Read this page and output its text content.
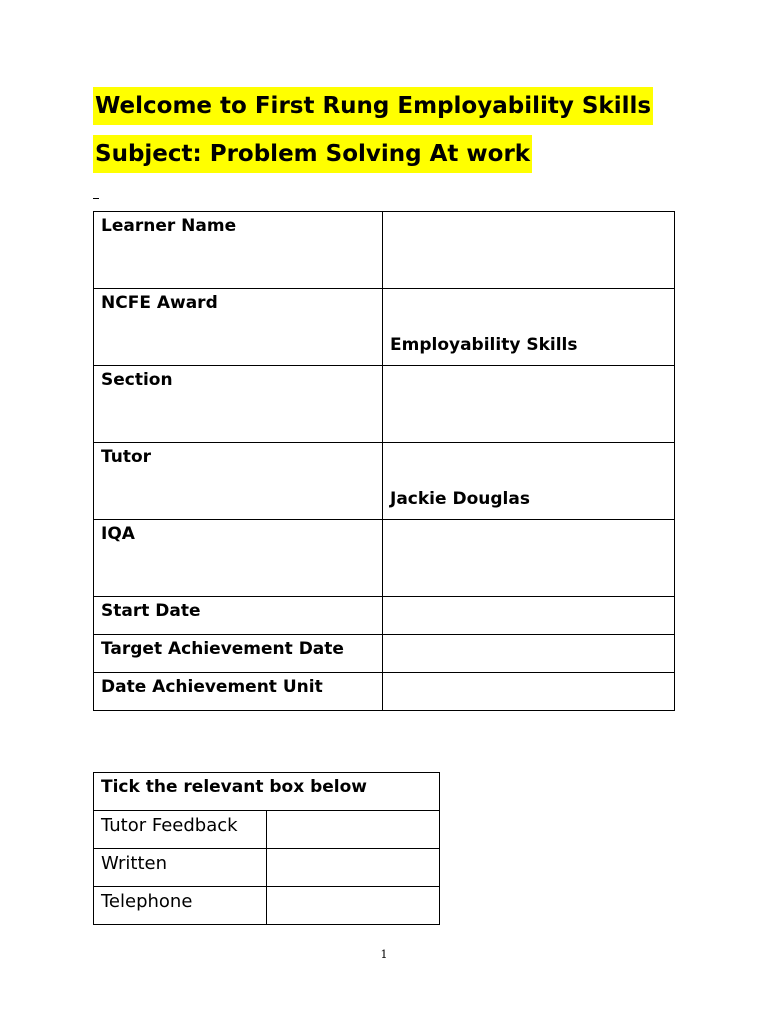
Welcome to First Rung Employability Skills
Subject: Problem Solving At work
Learner Name	

NCFE Award	Employability Skills

Section	

Tutor	Jackie Douglas

IQA	

Start Date	

Target Achievement Date	

Date Achievement Unit	
Tick the relevant box below	
Tutor Feedback	
Written	
Telephone	
1
